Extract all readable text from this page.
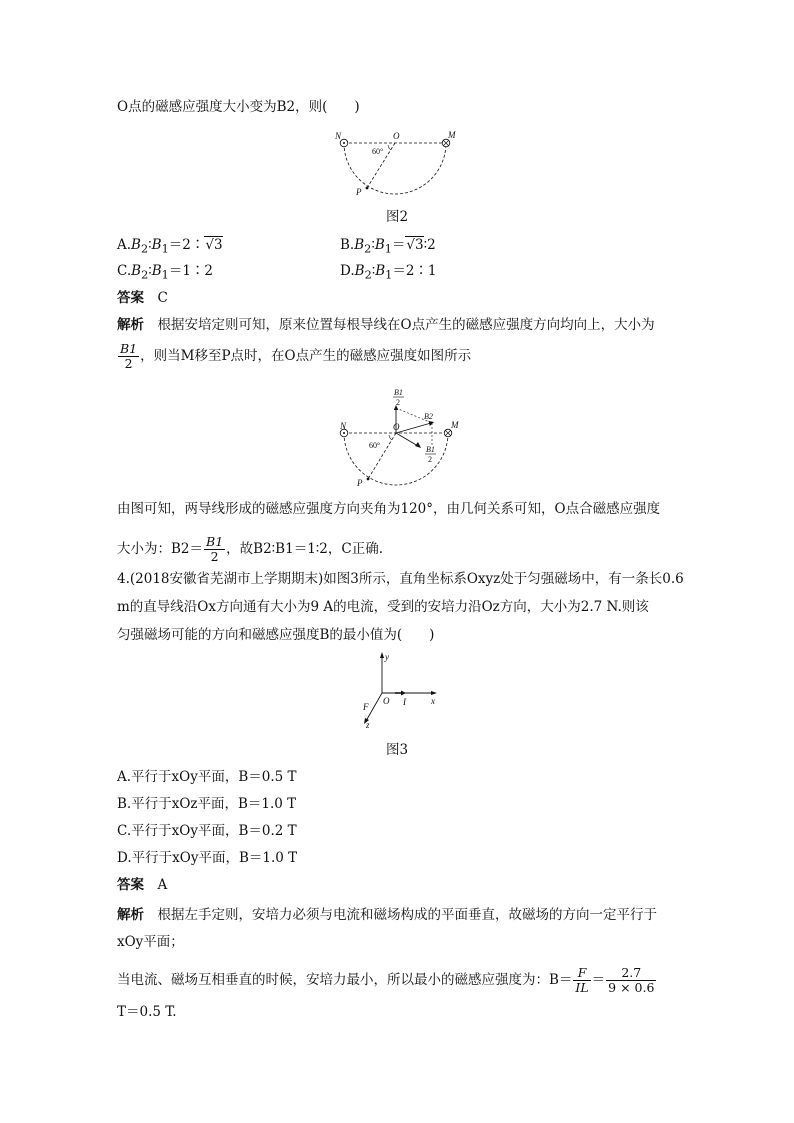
O点的磁感应强度大小变为B2，则(　　)
N	O	M
P
60°
图2
$A.B_2∶B_1=2∶√3$	$B.B_2∶B_1=√3∶2$
$C.B_2∶B_1=1∶2$	$D.B_2∶B_1=2∶1$
答案　 C
解析　 根据安培定则可知，原来位置每根导线在O点产生的磁感应强度方向均向上，大小为
$\frac{B1}{2}$ ，则当M移至P点时，在O点产生的磁感应强度如图所示
N	O	M
P
60°
B1
2
B2
B1
2
由图可知，两导线形成的磁感应强度方向夹角为120°，由几何关系可知，O点合磁感应强度
大小为：$B2= \frac{B1}{2}$ ，故B2∶B1＝1∶2，C正确.
4.(2018安徽省芜湖市上学期期末)如图3所示，直角坐标系Oxyz处于匀强磁场中，有一条长0.6
m的直导线沿Ox方向通有大小为9 A的电流，受到的安培力沿Oz方向，大小为2.7 N.则该
匀强磁场可能的方向和磁感应强度B的最小值为(　　)
y
O I	x
F
z
图3
A.平行于xOy平面，B＝0.5 T
B.平行于xOz平面，B＝1.0 T
C.平行于xOy平面，B＝0.2 T
D.平行于xOy平面，B＝1.0 T
答案　 A
解析　 根据左手定则，安培力必须与电流和磁场构成的平面垂直，故磁场的方向一定平行于
xOy平面；
当电流、磁场互相垂直的时候，安培力最小，所以最小的磁感应强度为：$B= \frac{F}{IL} = \frac{2.7}{9 \times 0.6}$
T＝0.5 T.
